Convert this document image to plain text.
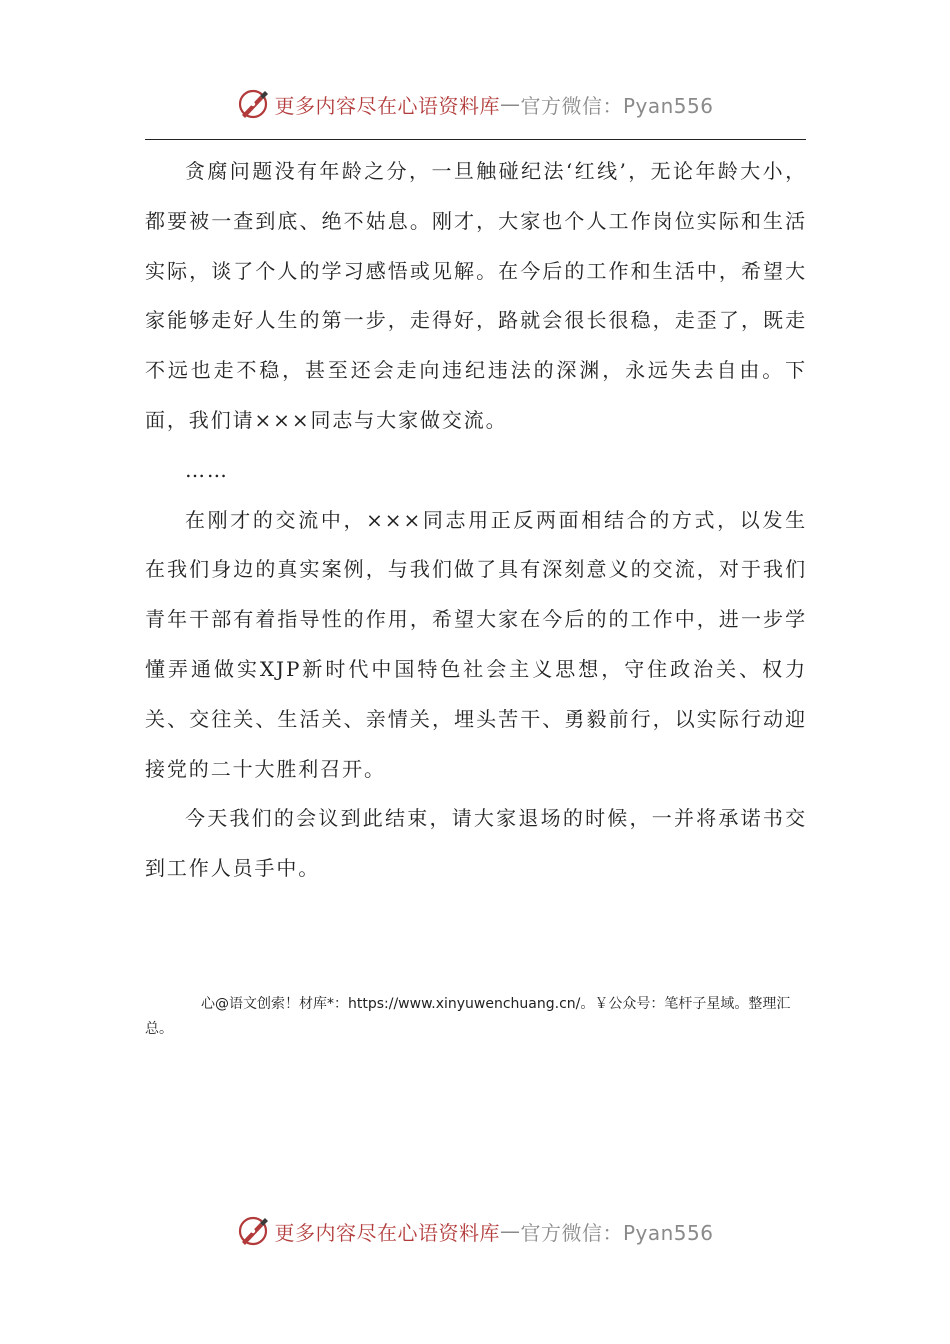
更多内容尽在心语资料库 — 官方微信：Pyan556

贪腐问题没有年龄之分，一旦触碰纪法‘红线’，无论年龄大小，都要被一查到底、绝不姑息。刚才，大家也个人工作岗位实际和生活实际，谈了个人的学习感悟或见解。在今后的工作和生活中，希望大家能够走好人生的第一步，走得好，路就会很长很稳，走歪了，既走不远也走不稳，甚至还会走向违纪违法的深渊，永远失去自由。下面，我们请×××同志与大家做交流。

……

在刚才的交流中，×××同志用正反两面相结合的方式，以发生在我们身边的真实案例，与我们做了具有深刻意义的交流，对于我们青年干部有着指导性的作用，希望大家在今后的的工作中，进一步学懂弄通做实XJP新时代中国特色社会主义思想，守住政治关、权力关、交往关、生活关、亲情关，埋头苦干、勇毅前行，以实际行动迎接党的二十大胜利召开。

今天我们的会议到此结束，请大家退场的时候，一并将承诺书交到工作人员手中。

心@语文创索！材库*：https://www.xinyuwenchuang.cn/。￥公众号：笔杆子星域。整理汇总。

更多内容尽在心语资料库 — 官方微信：Pyan556
